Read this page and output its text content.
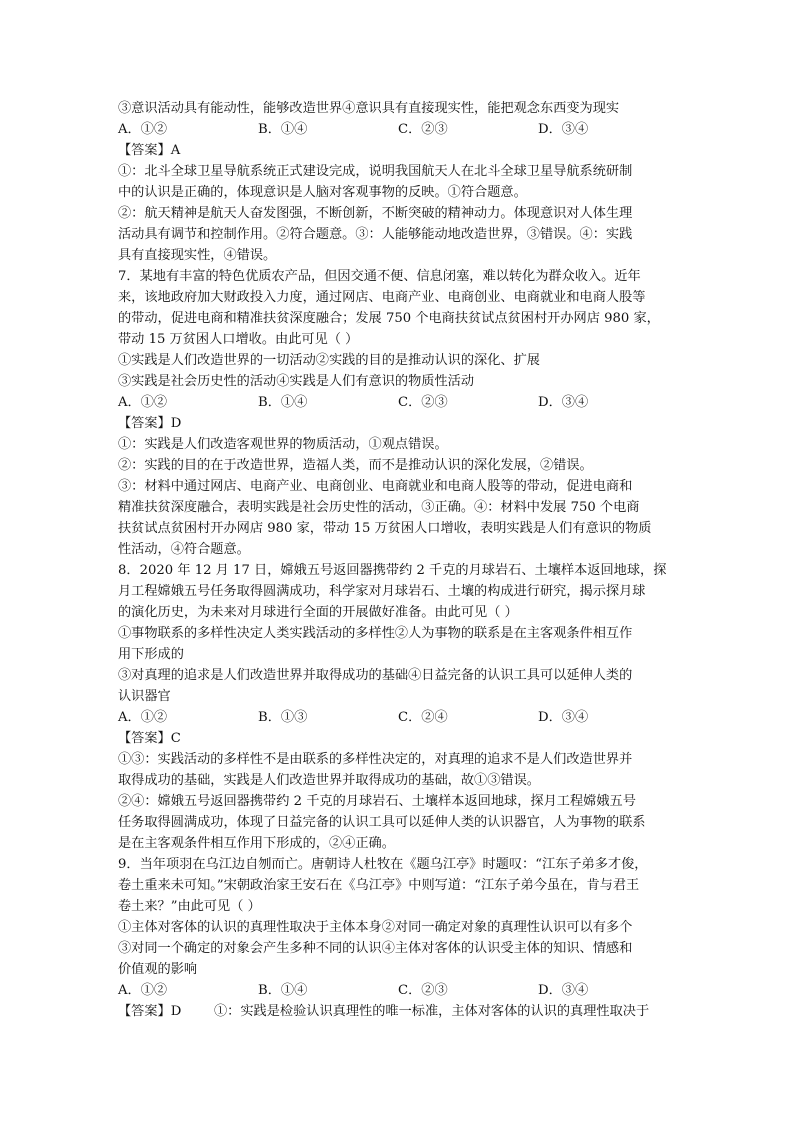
③意识活动具有能动性，能够改造世界④意识具有直接现实性，能把观念东西变为现实
A．①②	B．①④	C．②③	D．③④
【答案】A
①：北斗全球卫星导航系统正式建设完成，说明我国航天人在北斗全球卫星导航系统研制
中的认识是正确的，体现意识是人脑对客观事物的反映。①符合题意。
②：航天精神是航天人奋发图强，不断创新，不断突破的精神动力。体现意识对人体生理
活动具有调节和控制作用。②符合题意。③：人能够能动地改造世界，③错误。④：实践
具有直接现实性，④错误。
7．某地有丰富的特色优质农产品，但因交通不便、信息闭塞，难以转化为群众收入。近年
来，该地政府加大财政投入力度，通过网店、电商产业、电商创业、电商就业和电商人股等
的带动，促进电商和精准扶贫深度融合；发展 750 个电商扶贫试点贫困村开办网店 980 家，
带动 15 万贫困人口增收。由此可见（ ）
①实践是人们改造世界的一切活动②实践的目的是推动认识的深化、扩展
③实践是社会历史性的活动④实践是人们有意识的物质性活动
A．①②	B．①④	C．②③	D．③④
【答案】D
①：实践是人们改造客观世界的物质活动，①观点错误。
②：实践的目的在于改造世界，造福人类，而不是推动认识的深化发展，②错误。
③：材料中通过网店、电商产业、电商创业、电商就业和电商人股等的带动，促进电商和
精准扶贫深度融合，表明实践是社会历史性的活动，③正确。④：材料中发展 750 个电商
扶贫试点贫困村开办网店 980 家，带动 15 万贫困人口增收，表明实践是人们有意识的物质
性活动，④符合题意。
8．2020 年 12 月 17 日，嫦娥五号返回器携带约 2 千克的月球岩石、土壤样本返回地球，探
月工程嫦娥五号任务取得圆满成功，科学家对月球岩石、土壤的构成进行研究，揭示探月球
的演化历史，为未来对月球进行全面的开展做好准备。由此可见（ ）
①事物联系的多样性决定人类实践活动的多样性②人为事物的联系是在主客观条件相互作
用下形成的
③对真理的追求是人们改造世界并取得成功的基础④日益完备的认识工具可以延伸人类的
认识器官
A．①②	B．①③	C．②④	D．③④
【答案】C
①③：实践活动的多样性不是由联系的多样性决定的，对真理的追求不是人们改造世界并
取得成功的基础，实践是人们改造世界并取得成功的基础，故①③错误。
②④：嫦娥五号返回器携带约 2 千克的月球岩石、土壤样本返回地球，探月工程嫦娥五号
任务取得圆满成功，体现了日益完备的认识工具可以延伸人类的认识器官，人为事物的联系
是在主客观条件相互作用下形成的，②④正确。
9．当年项羽在乌江边自刎而亡。唐朝诗人杜牧在《题乌江亭》时题叹：“江东子弟多才俊，
卷土重来未可知。”宋朝政治家王安石在《乌江亭》中则写道：“江东子弟今虽在，肯与君王
卷土来？”由此可见（ ）
①主体对客体的认识的真理性取决于主体本身②对同一确定对象的真理性认识可以有多个
③对同一个确定的对象会产生多种不同的认识④主体对客体的认识受主体的知识、情感和
价值观的影响
A．①②	B．①④	C．②③	D．③④
【答案】D ①：实践是检验认识真理性的唯一标准，主体对客体的认识的真理性取决于
